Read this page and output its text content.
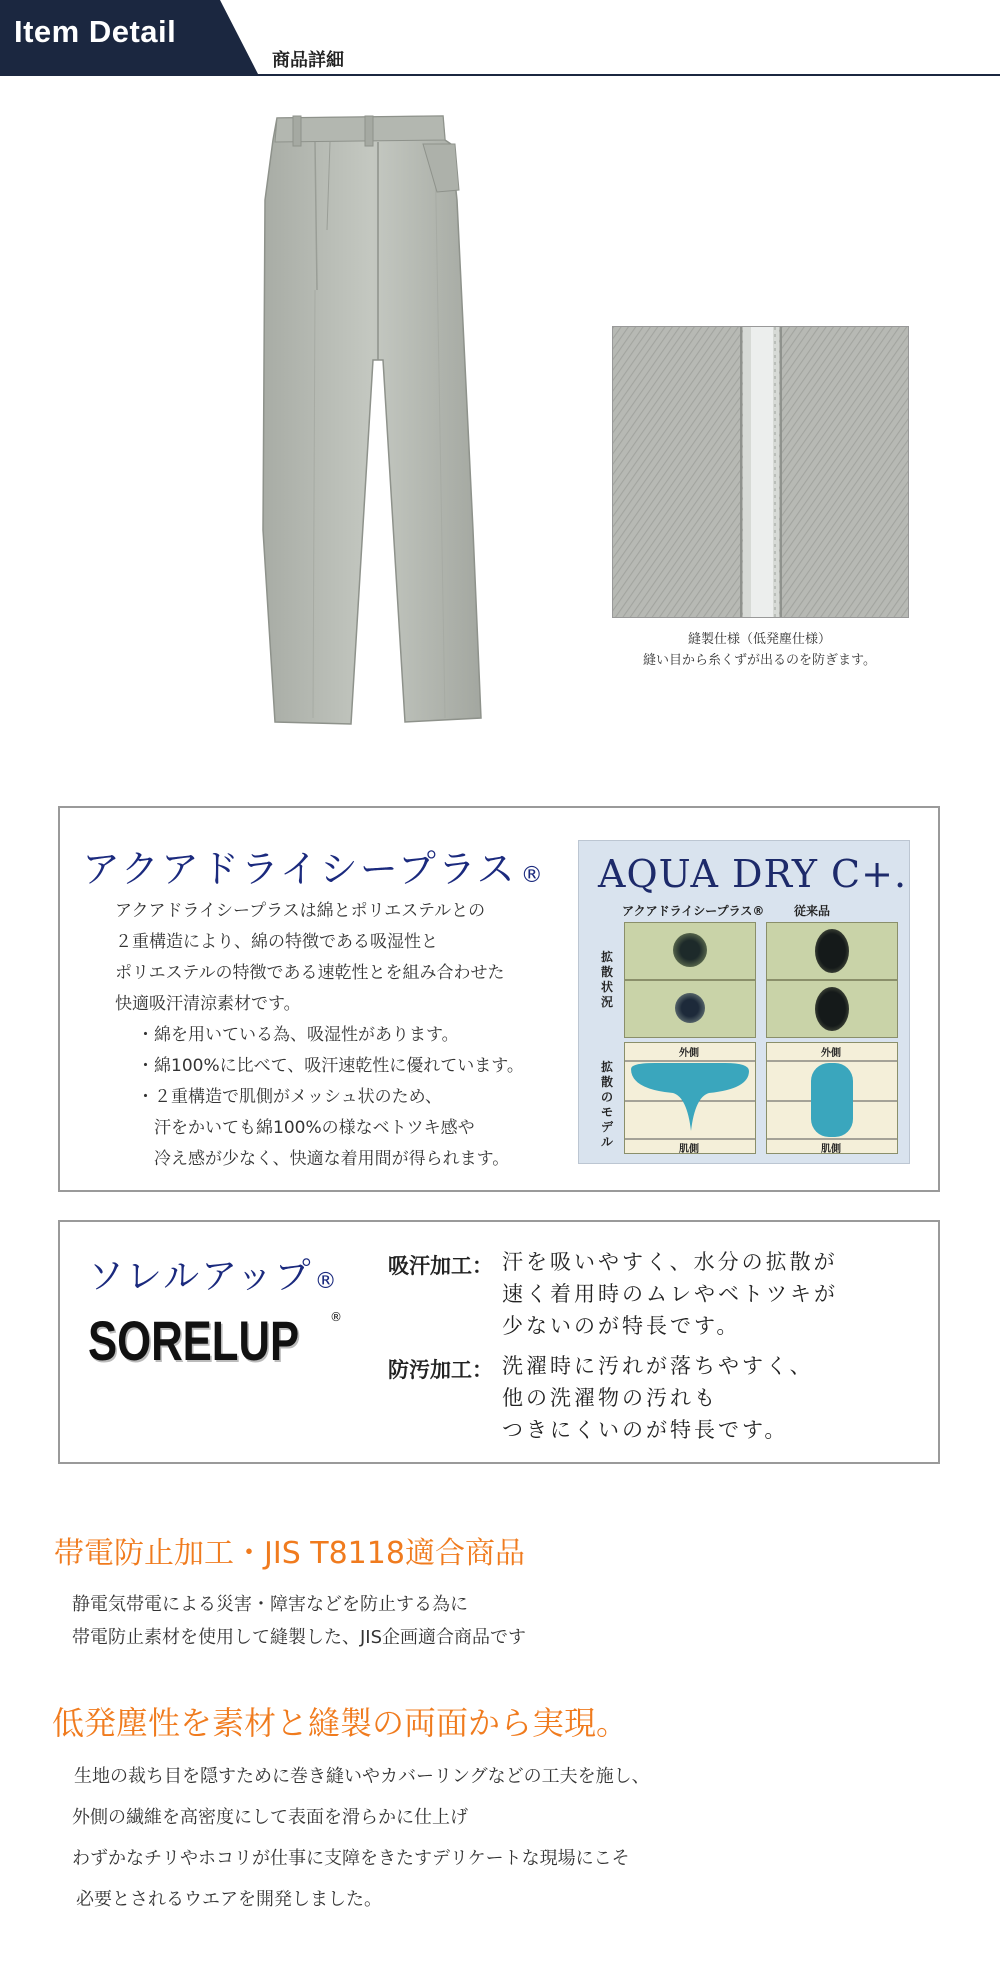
Item Detail
商品詳細
縫製仕様（低発塵仕様）
縫い目から糸くずが出るのを防ぎます。
アクアドライシープラス ®
アクアドライシープラスは綿とポリエステルとの
２重構造により、綿の特徴である吸湿性と
ポリエステルの特徴である速乾性とを組み合わせた
快適吸汗清涼素材です。
・綿を用いている為、吸湿性があります。
・綿100%に比べて、吸汗速乾性に優れています。
・２重構造で肌側がメッシュ状のため、
　汗をかいても綿100%の様なベトツキ感や
　冷え感が少なく、快適な着用間が得られます。
AQUA DRY C+.
アクアドライシープラス® 従来品
拡散状況
拡散のモデル
外側	外側
肌側	肌側
ソレルアップ®
SORELUP	®
吸汗加工： 汗を吸いやすく、水分の拡散が
速く着用時のムレやベトツキが
少ないのが特長です。
防汚加工： 洗濯時に汚れが落ちやすく、
他の洗濯物の汚れも
つきにくいのが特長です。
帯電防止加工・JIS T8118適合商品
静電気帯電による災害・障害などを防止する為に
帯電防止素材を使用して縫製した、JIS企画適合商品です
低発塵性を素材と縫製の両面から実現。
生地の裁ち目を隠すために巻き縫いやカバーリングなどの工夫を施し、
外側の繊維を高密度にして表面を滑らかに仕上げ
わずかなチリやホコリが仕事に支障をきたすデリケートな現場にこそ
必要とされるウエアを開発しました。
